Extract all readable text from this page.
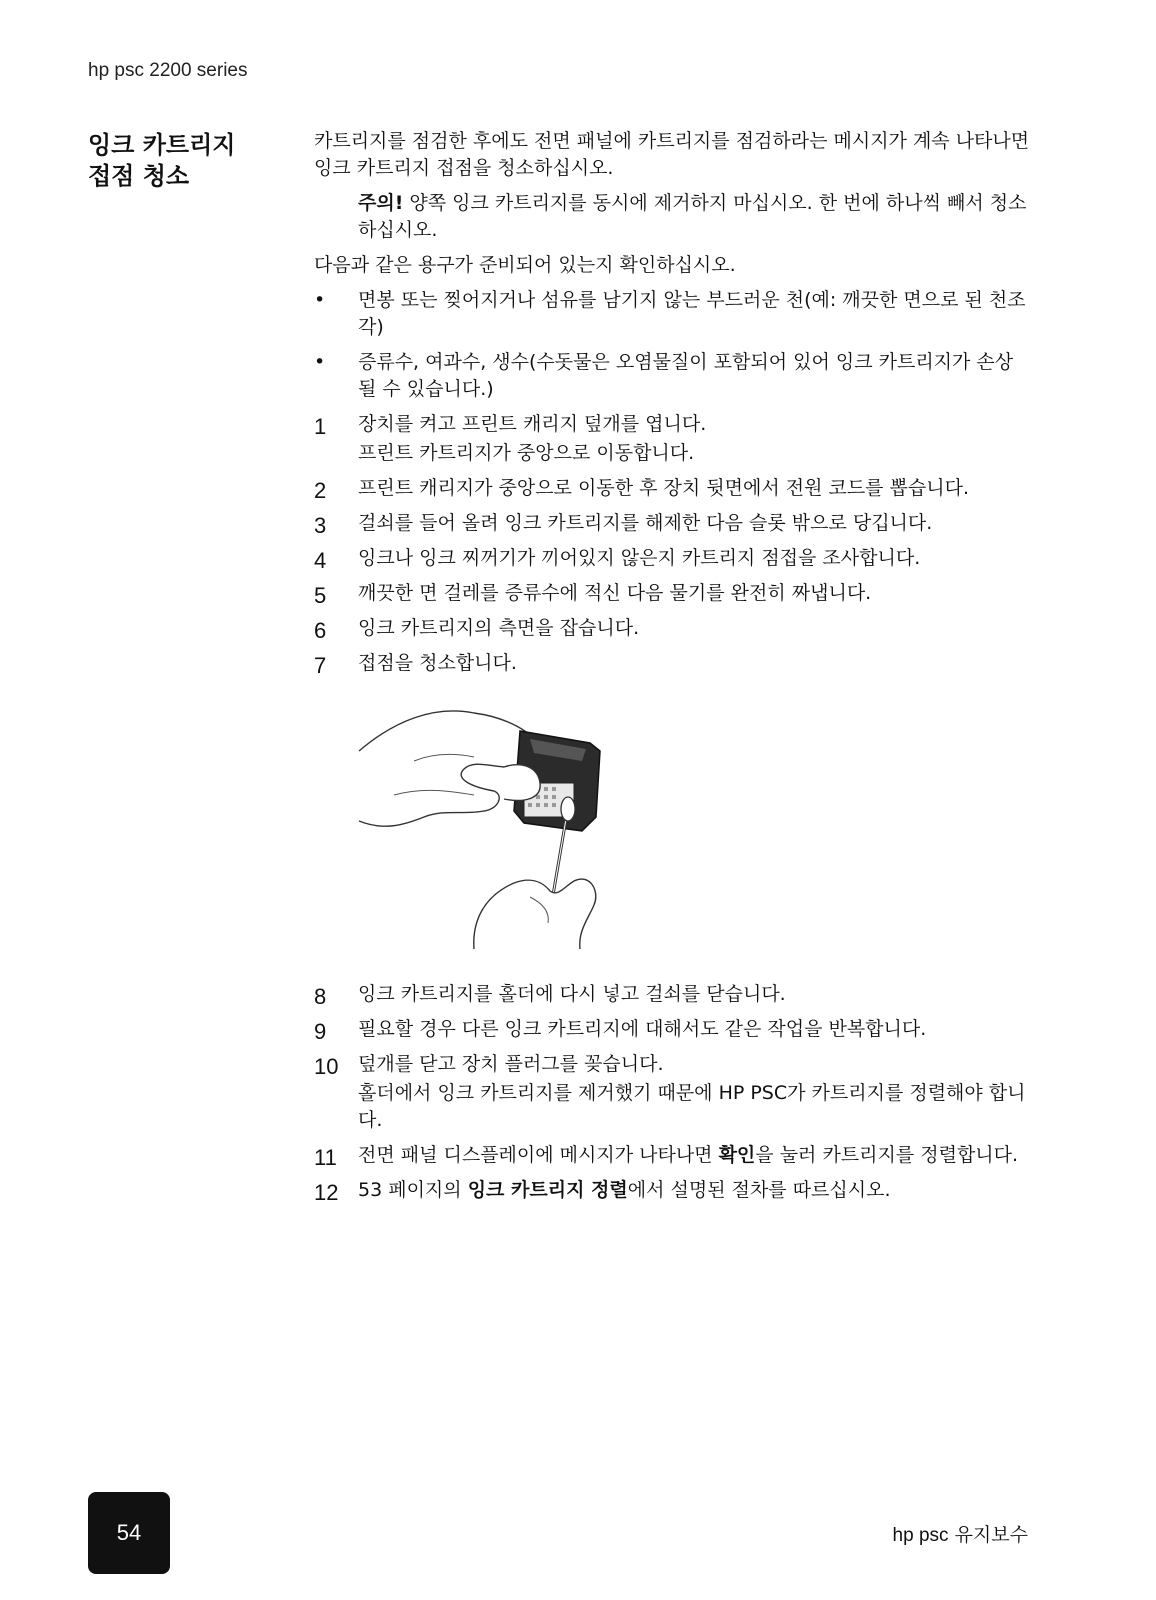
hp psc 2200 series
잉크 카트리지
접점 청소

카트리지를 점검한 후에도 전면 패널에 카트리지를 점검하라는 메시지가 계속 나타나면 잉크 카트리지 접점을 청소하십시오.

주의! 양쪽 잉크 카트리지를 동시에 제거하지 마십시오. 한 번에 하나씩 빼서 청소하십시오.

다음과 같은 용구가 준비되어 있는지 확인하십시오.

•	면봉 또는 찢어지거나 섬유를 남기지 않는 부드러운 천(예: 깨끗한 면으로 된 천조각)
•	증류수, 여과수, 생수(수돗물은 오염물질이 포함되어 있어 잉크 카트리지가 손상될 수 있습니다.)
1	장치를 켜고 프린트 캐리지 덮개를 엽니다.
프린트 카트리지가 중앙으로 이동합니다.
2	프린트 캐리지가 중앙으로 이동한 후 장치 뒷면에서 전원 코드를 뽑습니다.
3	걸쇠를 들어 올려 잉크 카트리지를 해제한 다음 슬롯 밖으로 당깁니다.
4	잉크나 잉크 찌꺼기가 끼어있지 않은지 카트리지 점접을 조사합니다.
5	깨끗한 면 걸레를 증류수에 적신 다음 물기를 완전히 짜냅니다.
6	잉크 카트리지의 측면을 잡습니다.
7	접점을 청소합니다.
8	잉크 카트리지를 홀더에 다시 넣고 걸쇠를 닫습니다.
9	필요할 경우 다른 잉크 카트리지에 대해서도 같은 작업을 반복합니다.
10	덮개를 닫고 장치 플러그를 꽂습니다.
홀더에서 잉크 카트리지를 제거했기 때문에 HP PSC가 카트리지를 정렬해야 합니다.
11	전면 패널 디스플레이에 메시지가 나타나면 확인을 눌러 카트리지를 정렬합니다.
12	53 페이지의 잉크 카트리지 정렬에서 설명된 절차를 따르십시오.
54	hp psc 유지보수
